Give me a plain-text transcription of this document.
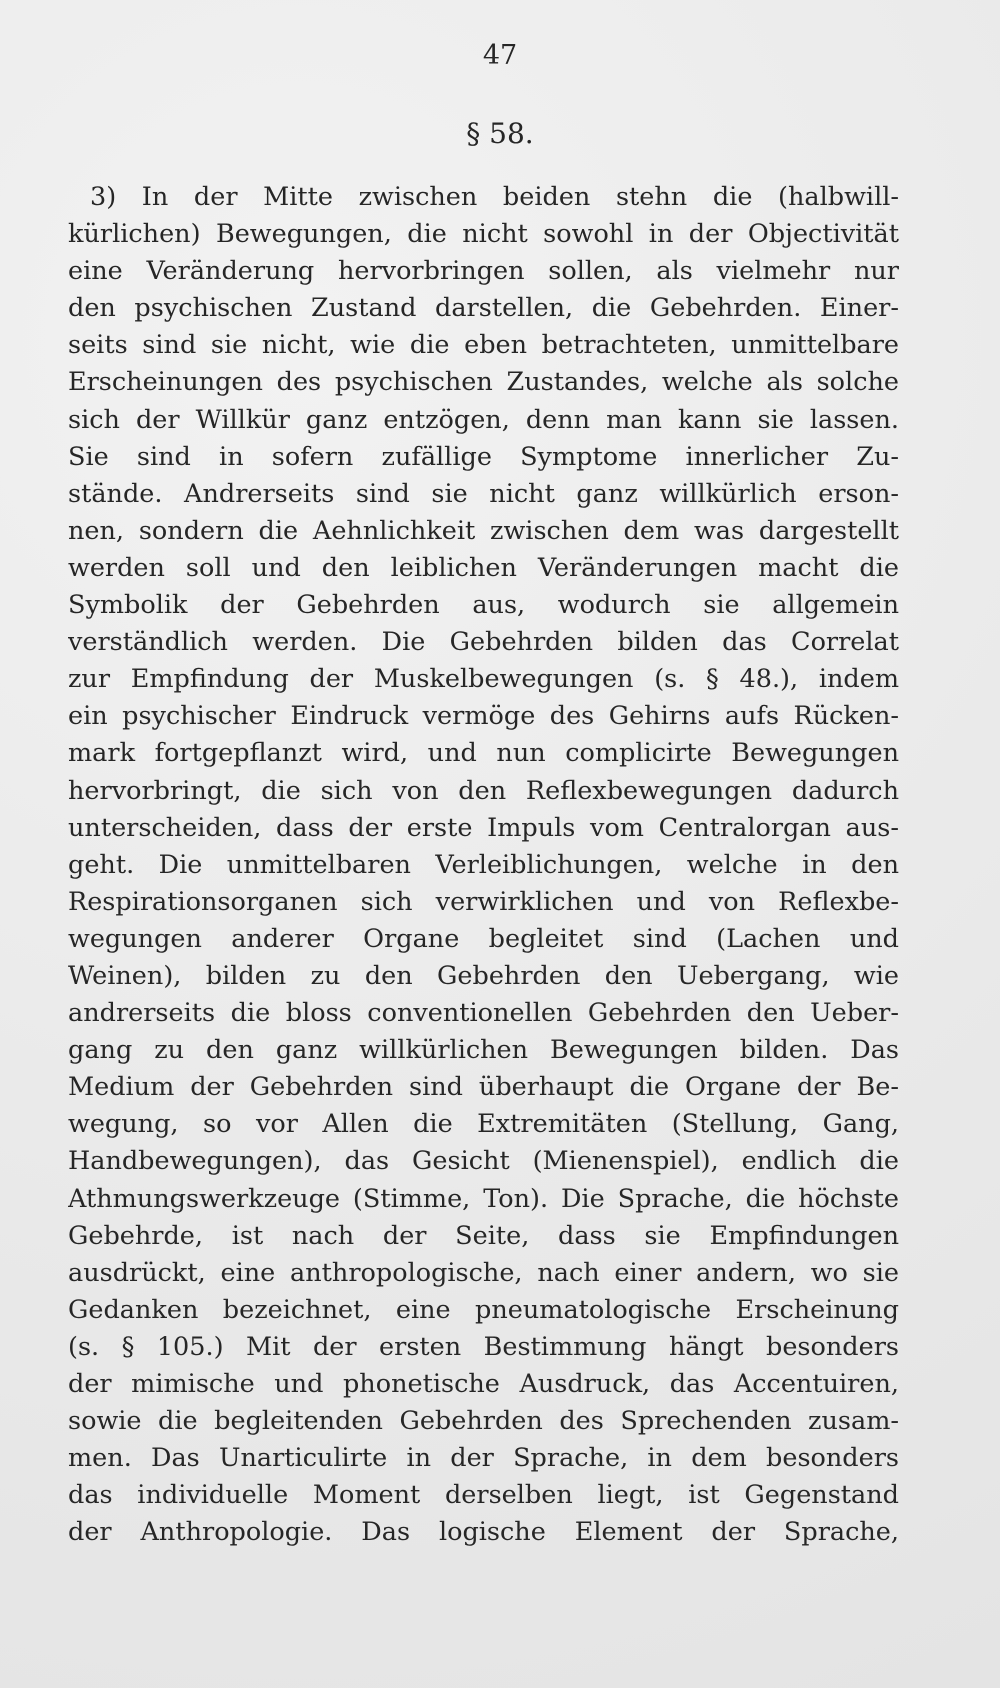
47
§ 58.
3) In der Mitte zwischen beiden stehn die (halbwill-
kürlichen) Bewegungen, die nicht sowohl in der Objectivität
eine Veränderung hervorbringen sollen, als vielmehr nur
den psychischen Zustand darstellen, die Gebehrden. Einer-
seits sind sie nicht, wie die eben betrachteten, unmittelbare
Erscheinungen des psychischen Zustandes, welche als solche
sich der Willkür ganz entzögen, denn man kann sie lassen.
Sie sind in sofern zufällige Symptome innerlicher Zu-
stände. Andrerseits sind sie nicht ganz willkürlich erson-
nen, sondern die Aehnlichkeit zwischen dem was dargestellt
werden soll und den leiblichen Veränderungen macht die
Symbolik der Gebehrden aus, wodurch sie allgemein
verständlich werden. Die Gebehrden bilden das Correlat
zur Empfindung der Muskelbewegungen (s. § 48.), indem
ein psychischer Eindruck vermöge des Gehirns aufs Rücken-
mark fortgepflanzt wird, und nun complicirte Bewegungen
hervorbringt, die sich von den Reflexbewegungen dadurch
unterscheiden, dass der erste Impuls vom Centralorgan aus-
geht. Die unmittelbaren Verleiblichungen, welche in den
Respirationsorganen sich verwirklichen und von Reflexbe-
wegungen anderer Organe begleitet sind (Lachen und
Weinen), bilden zu den Gebehrden den Uebergang, wie
andrerseits die bloss conventionellen Gebehrden den Ueber-
gang zu den ganz willkürlichen Bewegungen bilden. Das
Medium der Gebehrden sind überhaupt die Organe der Be-
wegung, so vor Allen die Extremitäten (Stellung, Gang,
Handbewegungen), das Gesicht (Mienenspiel), endlich die
Athmungswerkzeuge (Stimme, Ton). Die Sprache, die höchste
Gebehrde, ist nach der Seite, dass sie Empfindungen
ausdrückt, eine anthropologische, nach einer andern, wo sie
Gedanken bezeichnet, eine pneumatologische Erscheinung
(s. § 105.) Mit der ersten Bestimmung hängt besonders
der mimische und phonetische Ausdruck, das Accentuiren,
sowie die begleitenden Gebehrden des Sprechenden zusam-
men. Das Unarticulirte in der Sprache, in dem besonders
das individuelle Moment derselben liegt, ist Gegenstand
der Anthropologie. Das logische Element der Sprache,
